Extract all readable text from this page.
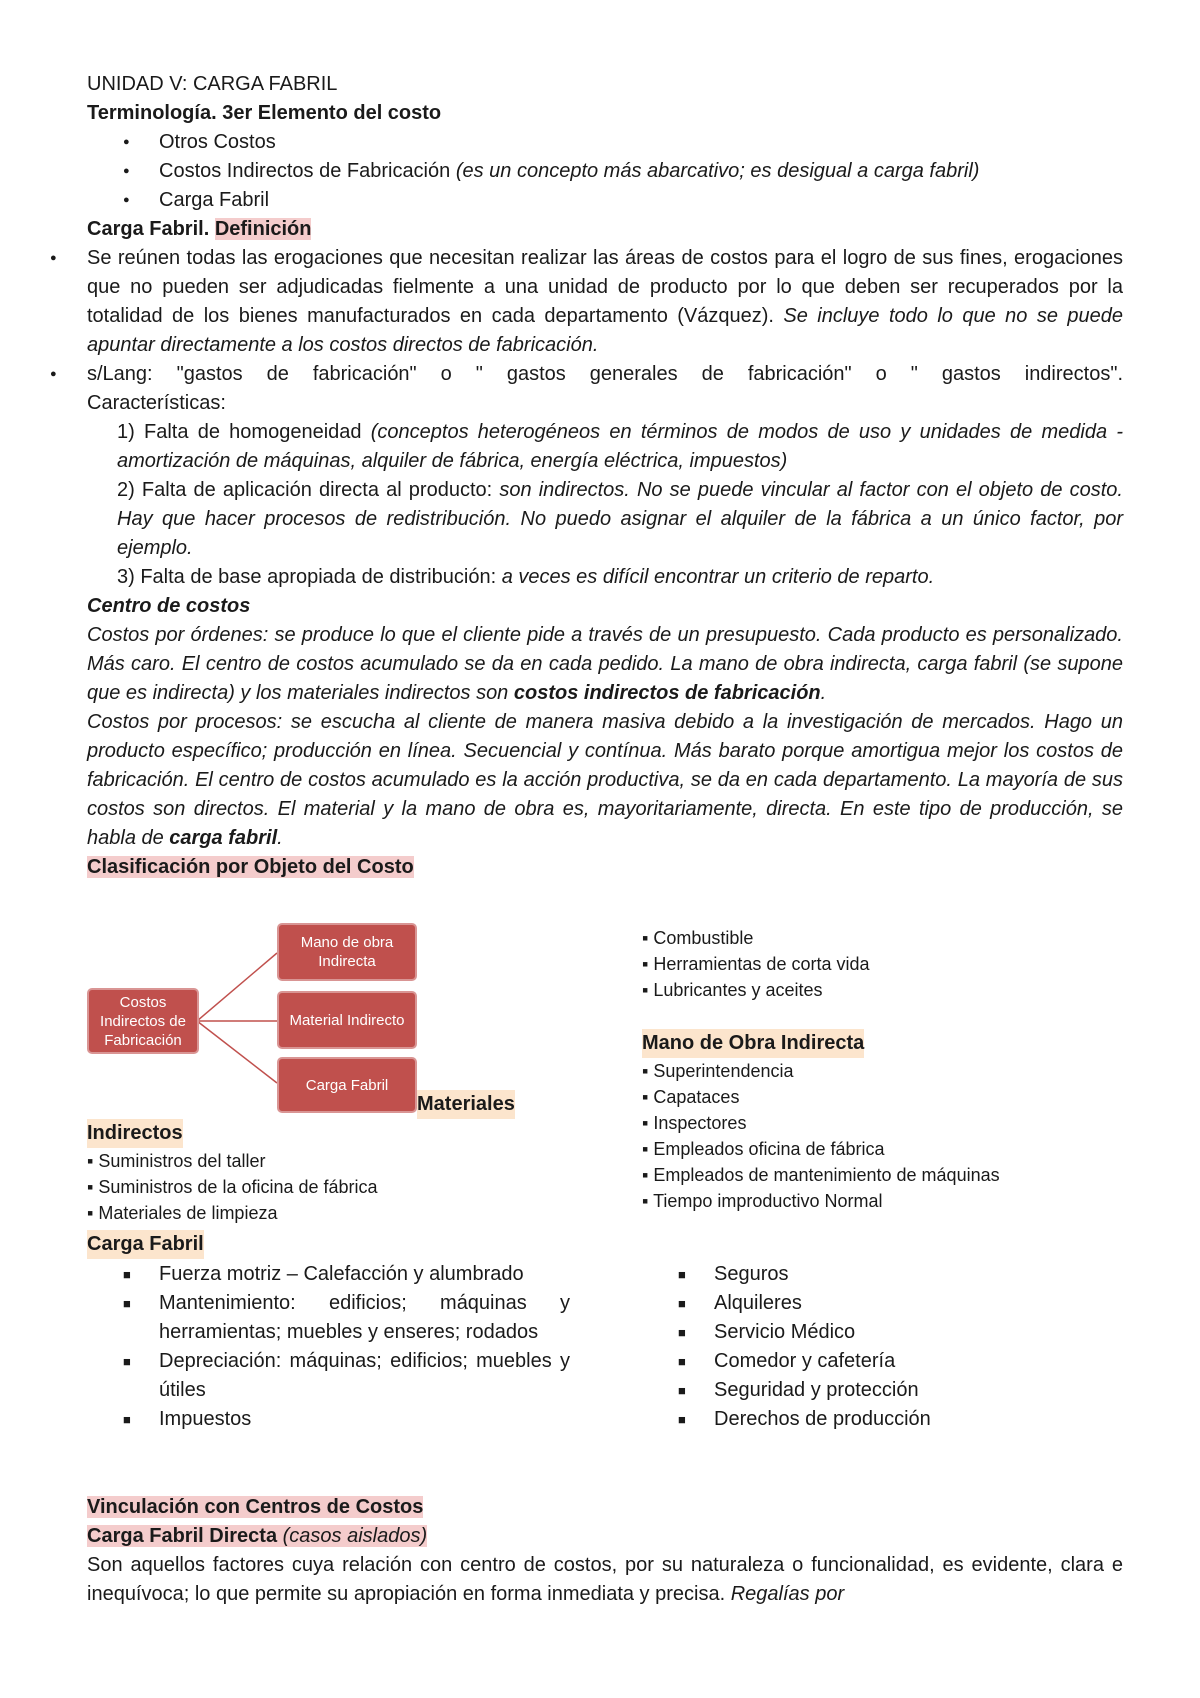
UNIDAD V: CARGA FABRIL

Terminología. 3er Elemento del costo

● Otros Costos
● Costos Indirectos de Fabricación (es un concepto más abarcativo; es desigual a carga fabril)
● Carga Fabril

Carga Fabril. Definición

● Se reúnen todas las erogaciones que necesitan realizar las áreas de costos para el logro de sus fines, erogaciones que no pueden ser adjudicadas fielmente a una unidad de producto por lo que deben ser recuperados por la totalidad de los bienes manufacturados en cada departamento (Vázquez). Se incluye todo lo que no se puede apuntar directamente a los costos directos de fabricación.

● s/Lang: "gastos de fabricación" o " gastos generales de fabricación" o " gastos indirectos".

Características:

1) Falta de homogeneidad (conceptos heterogéneos en términos de modos de uso y unidades de medida - amortización de máquinas, alquiler de fábrica, energía eléctrica, impuestos)

2) Falta de aplicación directa al producto: son indirectos. No se puede vincular al factor con el objeto de costo. Hay que hacer procesos de redistribución. No puedo asignar el alquiler de la fábrica a un único factor, por ejemplo.

3) Falta de base apropiada de distribución: a veces es difícil encontrar un criterio de reparto.

Centro de costos

Costos por órdenes: se produce lo que el cliente pide a través de un presupuesto. Cada producto es personalizado. Más caro. El centro de costos acumulado se da en cada pedido. La mano de obra indirecta, carga fabril (se supone que es indirecta) y los materiales indirectos son costos indirectos de fabricación.

Costos por procesos: se escucha al cliente de manera masiva debido a la investigación de mercados. Hago un producto específico; producción en línea. Secuencial y contínua. Más barato porque amortigua mejor los costos de fabricación. El centro de costos acumulado es la acción productiva, se da en cada departamento. La mayoría de sus costos son directos. El material y la mano de obra es, mayoritariamente, directa. En este tipo de producción, se habla de carga fabril.

Clasificación por Objeto del Costo

Costos Indirectos de Fabricación
Mano de obra Indirecta
Material Indirecto
Carga Fabril

Materiales

Indirectos

▪ Suministros del taller

▪ Suministros de la oficina de fábrica

▪ Materiales de limpieza

▪ Combustible

▪ Herramientas de corta vida

▪ Lubricantes y aceites

Mano de Obra Indirecta

▪ Superintendencia

▪ Capataces

▪ Inspectores

▪ Empleados oficina de fábrica

▪ Empleados de mantenimiento de máquinas

▪ Tiempo improductivo Normal

Carga Fabril

■ Fuerza motriz – Calefacción y alumbrado
■ Mantenimiento: edificios; máquinas y herramientas; muebles y enseres; rodados
■ Depreciación: máquinas; edificios; muebles y útiles
■ Impuestos
■ Seguros
■ Alquileres
■ Servicio Médico
■ Comedor y cafetería
■ Seguridad y protección
■ Derechos de producción

Vinculación con Centros de Costos

Carga Fabril Directa (casos aislados)

Son aquellos factores cuya relación con centro de costos, por su naturaleza o funcionalidad, es evidente, clara e inequívoca; lo que permite su apropiación en forma inmediata y precisa. Regalías por
